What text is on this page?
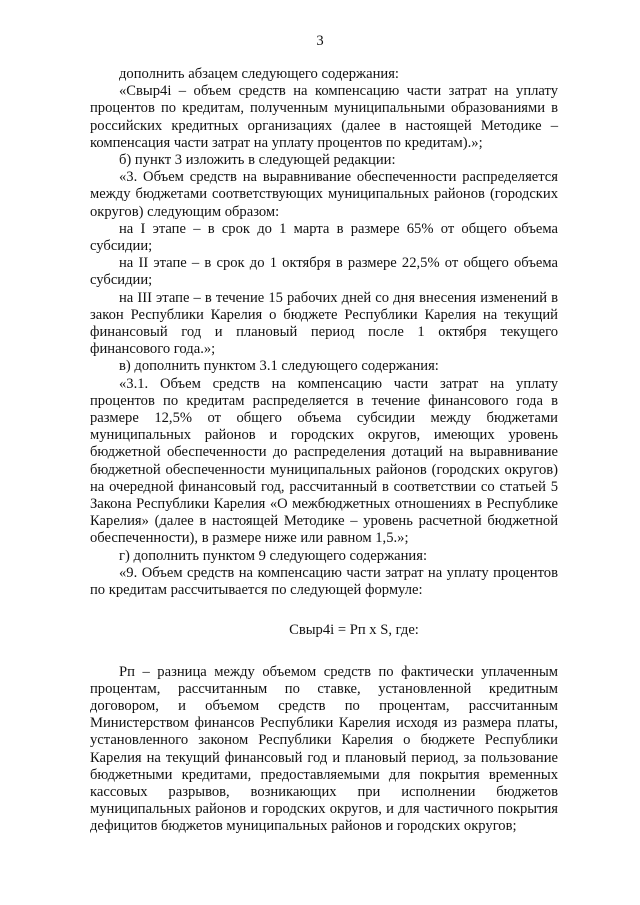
3

дополнить абзацем следующего содержания:

«Свыр4i – объем средств на компенсацию части затрат на уплату процентов по кредитам, полученным муниципальными образованиями в российских кредитных организациях (далее в настоящей Методике – компенсация части затрат на уплату процентов по кредитам).»;

б) пункт 3 изложить в следующей редакции:

«3. Объем средств на выравнивание обеспеченности распределяется между бюджетами соответствующих муниципальных районов (городских округов) следующим образом:

на I этапе – в срок до 1 марта в размере 65% от общего объема субсидии;

на II этапе – в срок до 1 октября в размере 22,5% от общего объема субсидии;

на III этапе – в течение 15 рабочих дней со дня внесения изменений в закон Республики Карелия о бюджете Республики Карелия на текущий финансовый год и плановый период после 1 октября текущего финансового года.»;

в) дополнить пунктом 3.1 следующего содержания:

«3.1. Объем средств на компенсацию части затрат на уплату процентов по кредитам распределяется в течение финансового года в размере 12,5% от общего объема субсидии между бюджетами муниципальных районов и городских округов, имеющих уровень бюджетной обеспеченности до распределения дотаций на выравнивание бюджетной обеспеченности муниципальных районов (городских округов) на очередной финансовый год, рассчитанный в соответствии со статьей 5 Закона Республики Карелия «О межбюджетных отношениях в Республике Карелия» (далее в настоящей Методике – уровень расчетной бюджетной обеспеченности), в размере ниже или равном 1,5.»;

г) дополнить пунктом 9 следующего содержания:

«9. Объем средств на компенсацию части затрат на уплату процентов по кредитам рассчитывается по следующей формуле:

Свыр4i = Рп x S, где:

Рп – разница между объемом средств по фактически уплаченным процентам, рассчитанным по ставке, установленной кредитным договором, и объемом средств по процентам, рассчитанным Министерством финансов Республики Карелия исходя из размера платы, установленного законом Республики Карелия о бюджете Республики Карелия на текущий финансовый год и плановый период, за пользование бюджетными кредитами, предоставляемыми для покрытия временных кассовых разрывов, возникающих при исполнении бюджетов муниципальных районов и городских округов, и для частичного покрытия дефицитов бюджетов муниципальных районов и городских округов;
